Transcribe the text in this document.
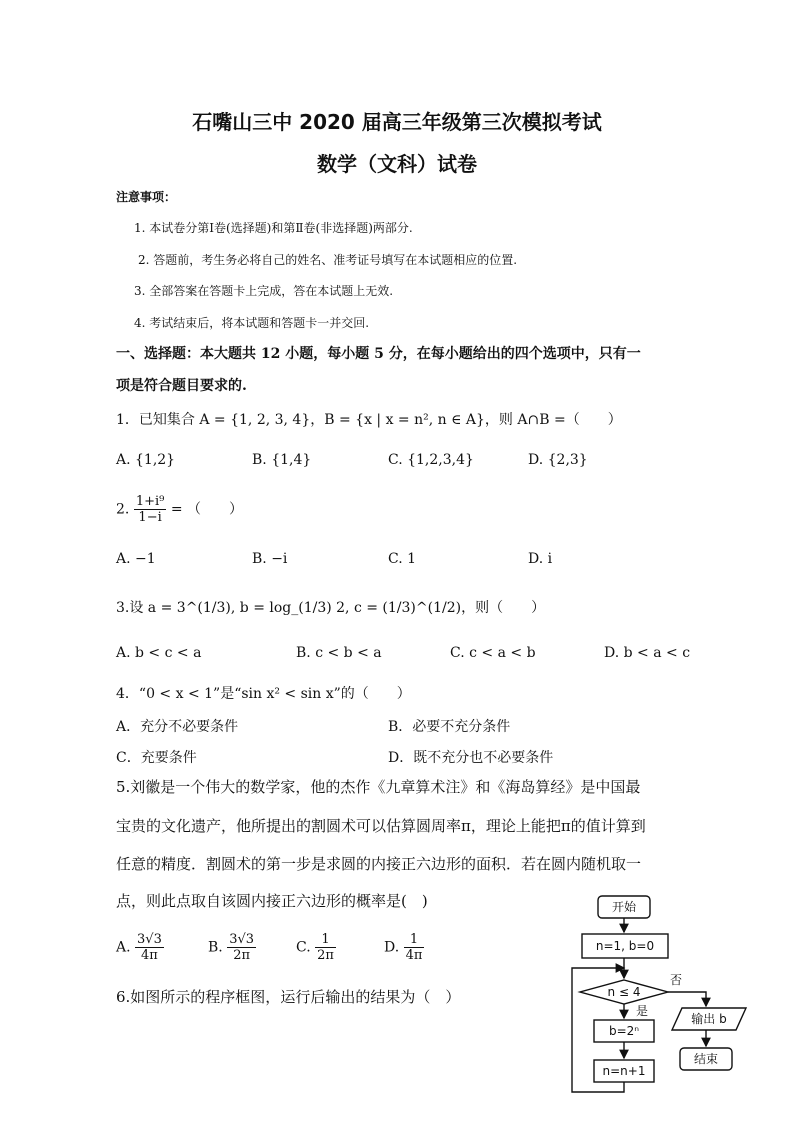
石嘴山三中 2020 届高三年级第三次模拟考试
数学（文科）试卷
注意事项：
1. 本试卷分第Ⅰ卷(选择题)和第Ⅱ卷(非选择题)两部分.
2. 答题前，考生务必将自己的姓名、准考证号填写在本试题相应的位置.
3. 全部答案在答题卡上完成，答在本试题上无效.
4. 考试结束后，将本试题和答题卡一并交回.
一、选择题：本大题共 12 小题，每小题 5 分，在每小题给出的四个选项中，只有一
项是符合题目要求的.
1．已知集合 A = {1, 2, 3, 4}，B = {x | x = n², n ∈ A}，则 A∩B =（　　）
A. {1,2}	B. {1,4}	C. {1,2,3,4}	D. {2,3}
2. $\frac{\text{1+i⁹}}{1-i}$ = （　　）
A. −1	B. −i	C. 1	D. i
3.设 a = 3^(1/3), b = log_(1/3) 2, c = (1/3)^(1/2)，则（　　）
A. b < c < a	B. c < b < a	C. c < a < b	D. b < a < c
4．“0 < x < 1”是“sin x² < sin x”的（　　）
A．充分不必要条件	B．必要不充分条件
C．充要条件	D．既不充分也不必要条件
5.刘徽是一个伟大的数学家，他的杰作《九章算术注》和《海岛算经》是中国最
宝贵的文化遗产，他所提出的割圆术可以估算圆周率π，理论上能把π的值计算到
任意的精度．割圆术的第一步是求圆的内接正六边形的面积．若在圆内随机取一
点，则此点取自该圆内接正六边形的概率是(　)
A. $\frac{3√3}{4\pi}$	B. $\frac{3√3}{2\pi}$	C. $\frac{1}{2\pi}$	D. $\frac{1}{4\pi}$
6.如图所示的程序框图，运行后输出的结果为（　）
开始
n=1, b=0
n ≤ 4
是
否
b=2ⁿ
n=n+1
输出 b
结束
